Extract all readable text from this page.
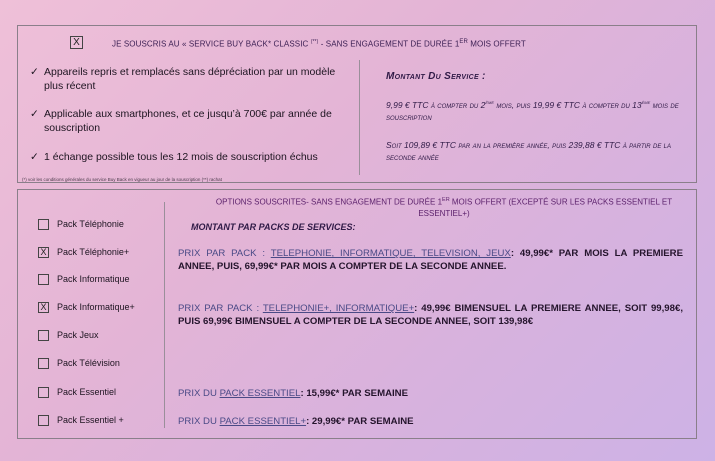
X	JE SOUSCRIS AU « SERVICE BUY BACK* CLASSIC (**) - SANS ENGAGEMENT DE DURÉE 1ER MOIS OFFERT
✓ Appareils repris et remplacés sans dépréciation par un modèle plus récent
✓ Applicable aux smartphones, et ce jusqu’à 700€ par année de souscription
✓ 1 échange possible tous les 12 mois de souscription échus
Montant Du Service :
9,99 € TTC à compter du 2ème mois, puis 19,99 € TTC à compter du 13ème mois de souscription
Soit 109,89 € TTC par an la première année, puis 239,88 € TTC à partir de la seconde année
(*) voir les conditions générales du service Buy Back en vigueur au jour de la souscription (**) rachat
OPTIONS SOUSCRITES- SANS ENGAGEMENT DE DURÉE 1ER MOIS OFFERT (EXCEPTÉ SUR LES PACKS ESSENTIEL ET ESSENTIEL+)
MONTANT PAR PACKS DE SERVICES:
Pack Téléphonie
X Pack Téléphonie+
Pack Informatique
X Pack Informatique+
Pack Jeux
Pack Télévision
Pack Essentiel
Pack Essentiel +
PRIX PAR PACK : TELEPHONIE, INFORMATIQUE, TELEVISION, JEUX: 49,99€* PAR MOIS LA PREMIERE ANNEE, PUIS, 69,99€* PAR MOIS A COMPTER DE LA SECONDE ANNEE.
PRIX PAR PACK : TELEPHONIE+, INFORMATIQUE+: 49,99€ BIMENSUEL LA PREMIERE ANNEE, SOIT 99,98€, PUIS 69,99€ BIMENSUEL A COMPTER DE LA SECONDE ANNEE, SOIT 139,98€
PRIX DU PACK ESSENTIEL: 15,99€* PAR SEMAINE
PRIX DU PACK ESSENTIEL+: 29,99€* PAR SEMAINE
